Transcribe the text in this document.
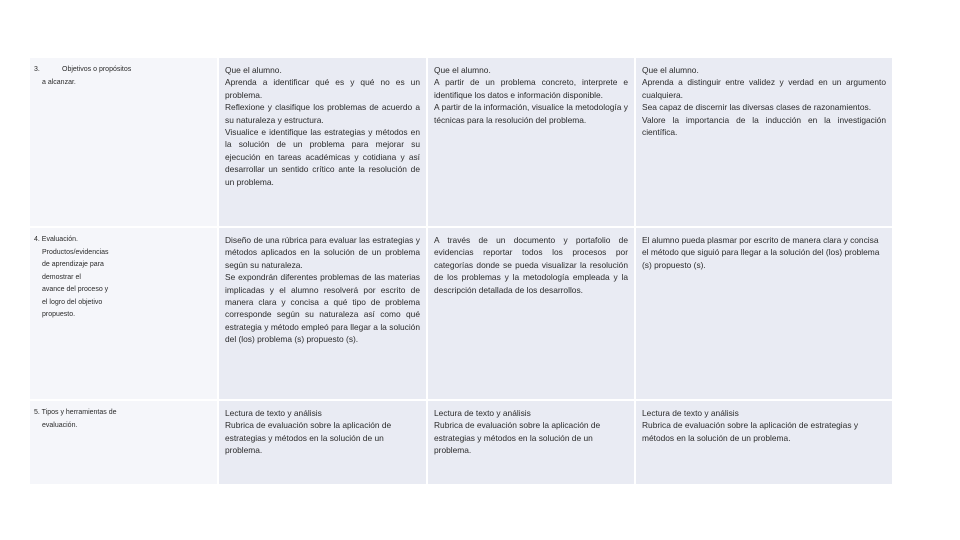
3.	Objetivos o propósitos
a alcanzar.
Que el alumno.
Aprenda a identificar qué es y qué no es un problema.
Reflexione y clasifique los problemas de acuerdo a su naturaleza y estructura.
Visualice e identifique las estrategias y métodos en la solución de un problema para mejorar su ejecución en tareas académicas y cotidiana y así desarrollar un sentido crítico ante la resolución de un problema.
Que el alumno.
A partir de un problema concreto, interprete e identifique los datos e información disponible.
A partir de la información, visualice la metodología y técnicas para la resolución del problema.
Que el alumno.
Aprenda a distinguir entre validez y verdad en un argumento cualquiera.
Sea capaz de discernir las diversas clases de razonamientos.
Valore la importancia de la inducción en la investigación científica.
4. Evaluación.
Productos/evidencias
de aprendizaje para
demostrar el
avance del proceso y
el logro del objetivo
propuesto.
Diseño de una rúbrica para evaluar las estrategias y métodos aplicados en la solución de un problema según su naturaleza.
Se expondrán diferentes problemas de las materias implicadas y el alumno resolverá por escrito de manera clara y concisa a qué tipo de problema corresponde según su naturaleza así como qué estrategia y método empleó para llegar a la solución del (los) problema (s) propuesto (s).
A través de un documento y portafolio de evidencias reportar todos los procesos por categorías donde se pueda visualizar la resolución de los problemas y la metodología empleada y la descripción detallada de los desarrollos.
El alumno pueda plasmar por escrito de manera clara y concisa el método que siguió para llegar a la solución del (los) problema (s) propuesto (s).
5. Tipos y herramientas de
evaluación.
Lectura de texto y análisis
Rubrica de evaluación sobre la aplicación de estrategias y métodos en la solución de un problema.
Lectura de texto y análisis
Rubrica de evaluación sobre la aplicación de estrategias y métodos en la solución de un problema.
Lectura de texto y análisis
Rubrica de evaluación sobre la aplicación de estrategias y métodos en la solución de un problema.
